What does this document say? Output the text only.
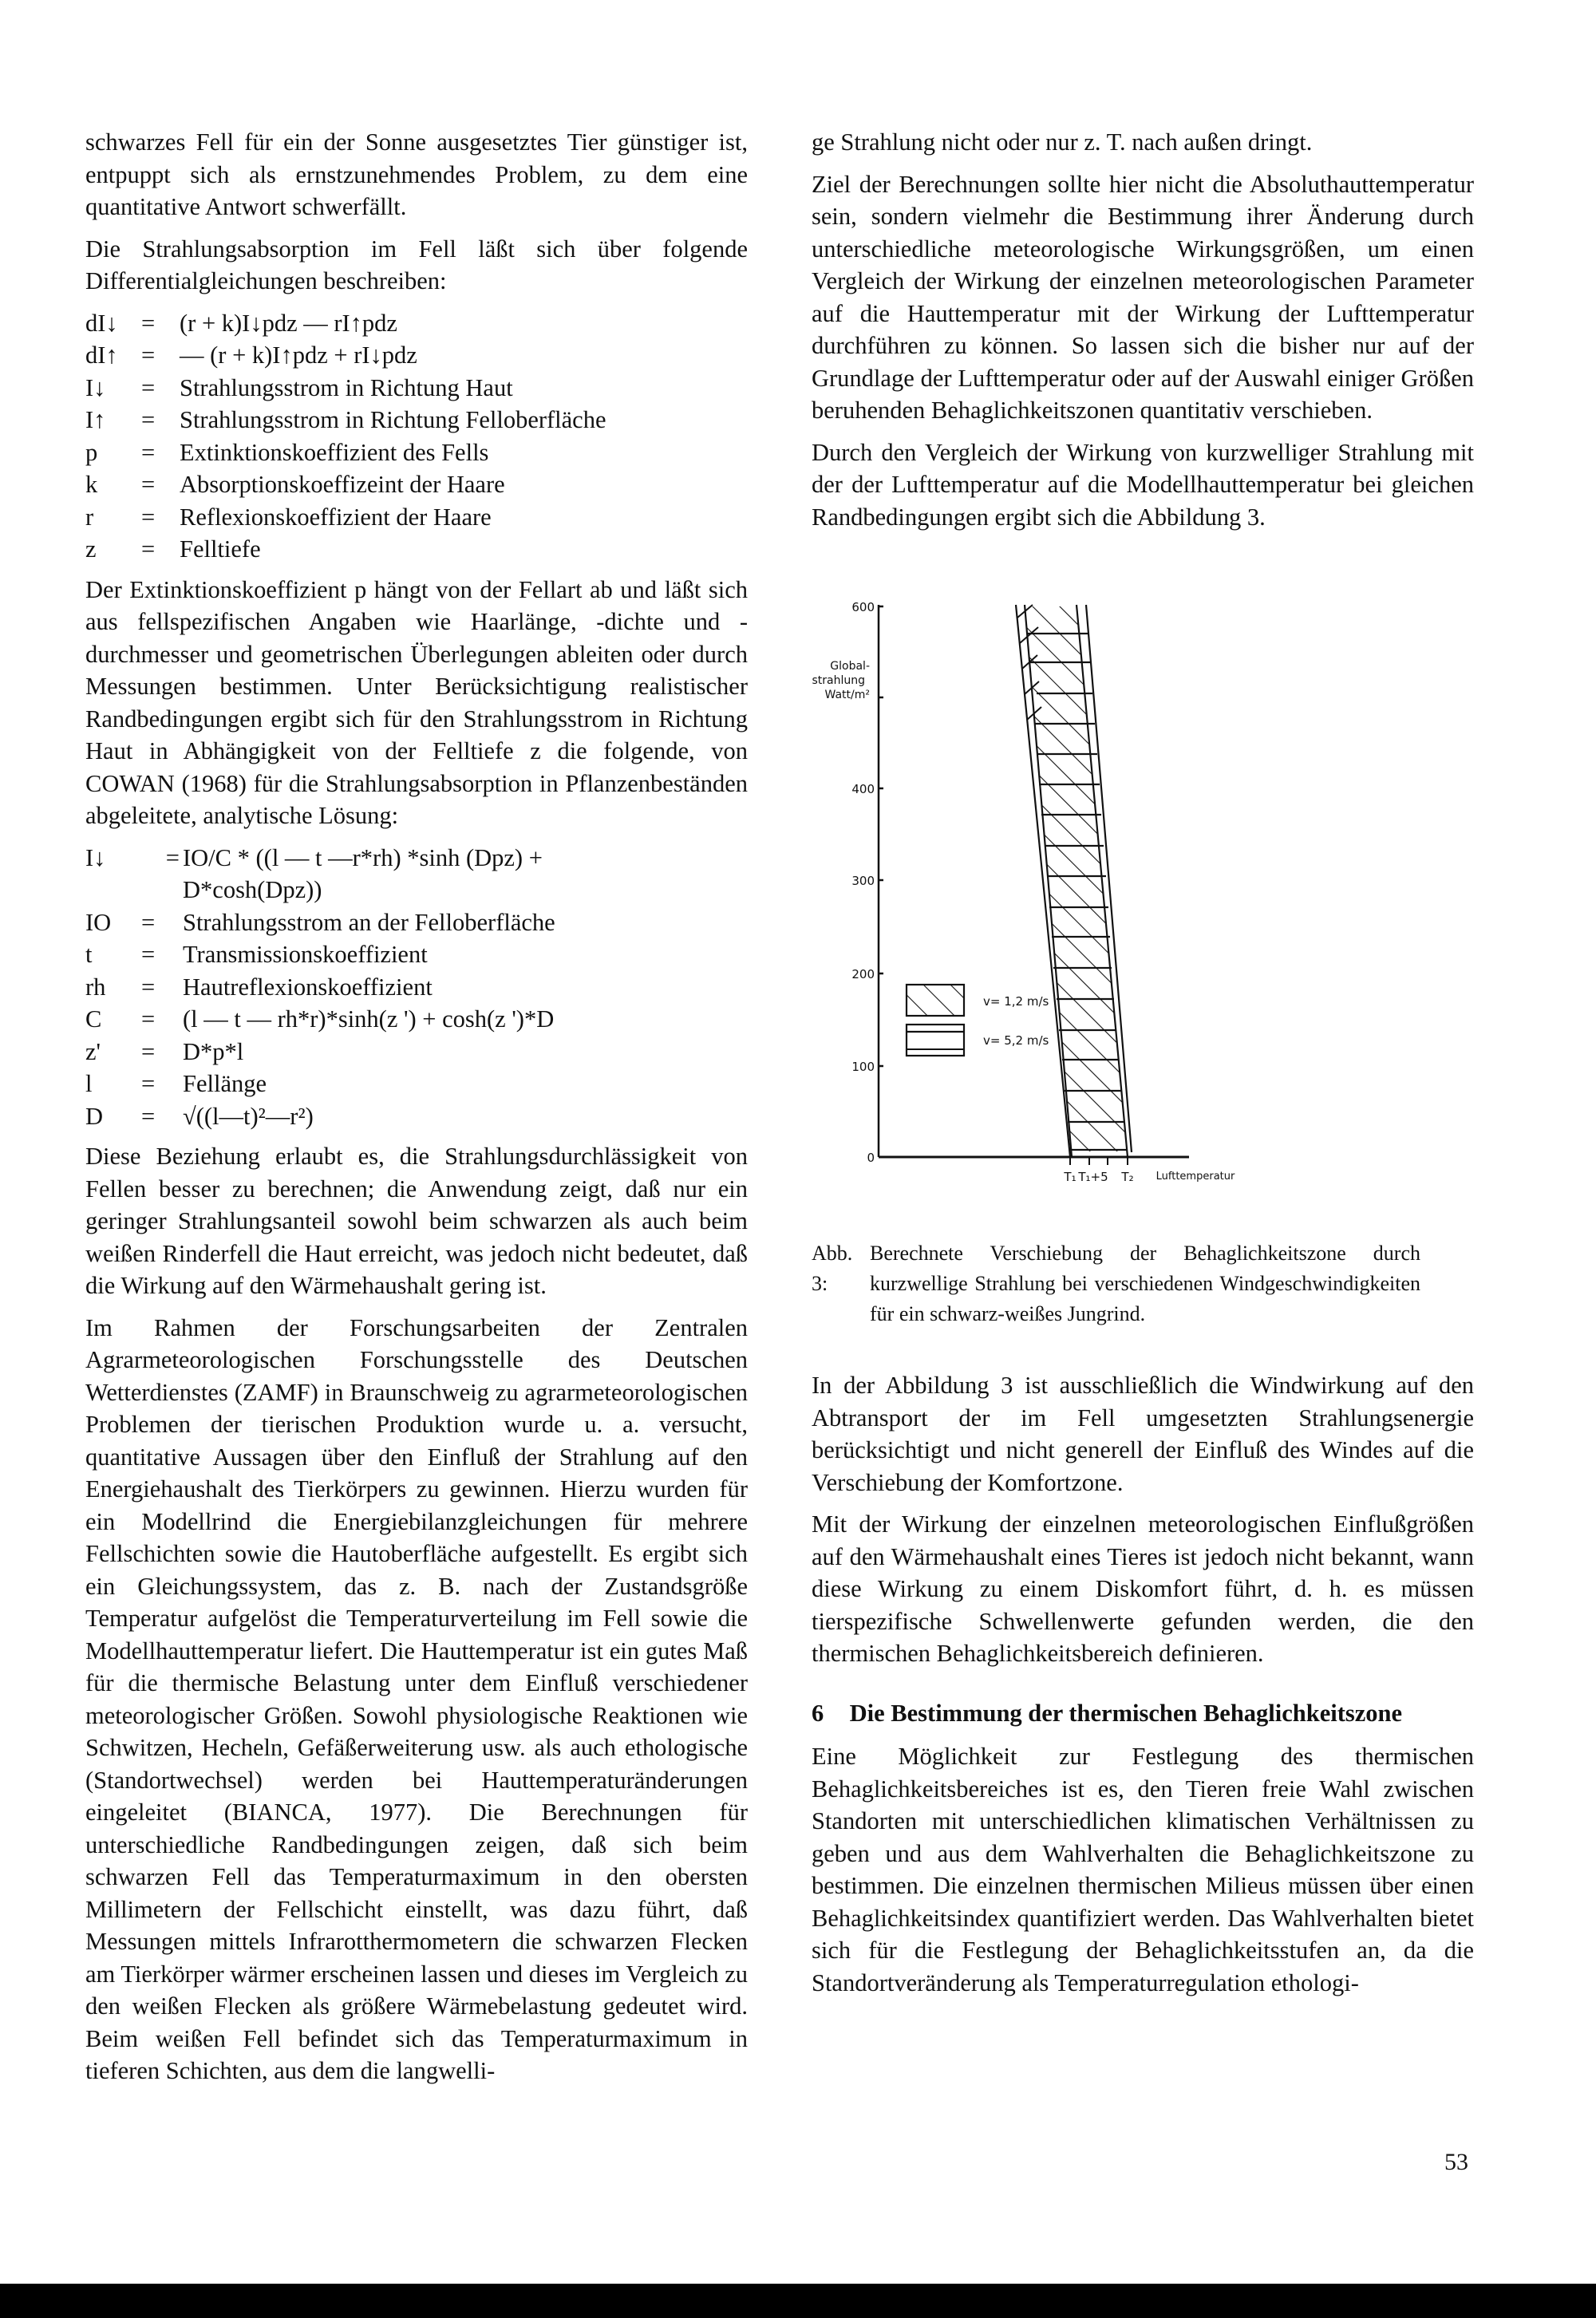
schwarzes Fell für ein der Sonne ausgesetztes Tier günstiger ist, entpuppt sich als ernstzunehmendes Problem, zu dem eine quantitative Antwort schwerfällt.

Die Strahlungsabsorption im Fell läßt sich über folgende Differentialgleichungen beschreiben:

dI↓	=	(r + k)I↓pdz — rI↑pdz
dI↑	=	— (r + k)I↑pdz + rI↓pdz
I↓	=	Strahlungsstrom in Richtung Haut
I↑	=	Strahlungsstrom in Richtung Felloberfläche
p	=	Extinktionskoeffizient des Fells
k	=	Absorptionskoeffizeint der Haare
r	=	Reflexionskoeffizient der Haare
z	=	Felltiefe

Der Extinktionskoeffizient p hängt von der Fellart ab und läßt sich aus fellspezifischen Angaben wie Haarlänge, -dichte und -durchmesser und geometrischen Überlegungen ableiten oder durch Messungen bestimmen. Unter Berücksichtigung realistischer Randbedingungen ergibt sich für den Strahlungsstrom in Richtung Haut in Abhängigkeit von der Felltiefe z die folgende, von COWAN (1968) für die Strahlungsabsorption in Pflanzenbeständen abgeleitete, analytische Lösung:

I↓	=	IO/C * ((l — t —r*rh) *sinh (Dpz) +
		D*cosh(Dpz))
IO	=	Strahlungsstrom an der Felloberfläche
t	=	Transmissionskoeffizient
rh	=	Hautreflexionskoeffizient
C	=	(l — t — rh*r)*sinh(z ') + cosh(z ')*D
z'	=	D*p*l
l	=	Fellänge
D	=	√((l—t)²—r²)

Diese Beziehung erlaubt es, die Strahlungsdurchlässigkeit von Fellen besser zu berechnen; die Anwendung zeigt, daß nur ein geringer Strahlungsanteil sowohl beim schwarzen als auch beim weißen Rinderfell die Haut erreicht, was jedoch nicht bedeutet, daß die Wirkung auf den Wärmehaushalt gering ist.

Im Rahmen der Forschungsarbeiten der Zentralen Agrarmeteorologischen Forschungsstelle des Deutschen Wetterdienstes (ZAMF) in Braunschweig zu agrarmeteorologischen Problemen der tierischen Produktion wurde u. a. versucht, quantitative Aussagen über den Einfluß der Strahlung auf den Energiehaushalt des Tierkörpers zu gewinnen. Hierzu wurden für ein Modellrind die Energiebilanzgleichungen für mehrere Fellschichten sowie die Hautoberfläche aufgestellt. Es ergibt sich ein Gleichungssystem, das z. B. nach der Zustandsgröße Temperatur aufgelöst die Temperaturverteilung im Fell sowie die Modellhauttemperatur liefert. Die Hauttemperatur ist ein gutes Maß für die thermische Belastung unter dem Einfluß verschiedener meteorologischer Größen. Sowohl physiologische Reaktionen wie Schwitzen, Hecheln, Gefäßerweiterung usw. als auch ethologische (Standortwechsel) werden bei Hauttemperaturänderungen eingeleitet (BIANCA, 1977). Die Berechnungen für unterschiedliche Randbedingungen zeigen, daß sich beim schwarzen Fell das Temperaturmaximum in den obersten Millimetern der Fellschicht einstellt, was dazu führt, daß Messungen mittels Infrarotthermometern die schwarzen Flecken am Tierkörper wärmer erscheinen lassen und dieses im Vergleich zu den weißen Flecken als größere Wärmebelastung gedeutet wird. Beim weißen Fell befindet sich das Temperaturmaximum in tieferen Schichten, aus dem die langwelli-

ge Strahlung nicht oder nur z. T. nach außen dringt.

Ziel der Berechnungen sollte hier nicht die Absoluthauttemperatur sein, sondern vielmehr die Bestimmung ihrer Änderung durch unterschiedliche meteorologische Wirkungsgrößen, um einen Vergleich der Wirkung der einzelnen meteorologischen Parameter auf die Hauttemperatur mit der Wirkung der Lufttemperatur durchführen zu können. So lassen sich die bisher nur auf der Grundlage der Lufttemperatur oder auf der Auswahl einiger Größen beruhenden Behaglichkeitszonen quantitativ verschieben.

Durch den Vergleich der Wirkung von kurzwelliger Strahlung mit der der Lufttemperatur auf die Modellhauttemperatur bei gleichen Randbedingungen ergibt sich die Abbildung 3.

600
400
300
200
100
0
Global-
strahlung
Watt/m²
T₁ T₁+5 T₂ Lufttemperatur
v= 1,2 m/s
v= 5,2 m/s
Abb. 3:
Berechnete Verschiebung der Behaglichkeitszone durch kurzwellige Strahlung bei verschiedenen Windgeschwindigkeiten für ein schwarz-weißes Jungrind.

In der Abbildung 3 ist ausschließlich die Windwirkung auf den Abtransport der im Fell umgesetzten Strahlungsenergie berücksichtigt und nicht generell der Einfluß des Windes auf die Verschiebung der Komfortzone.

Mit der Wirkung der einzelnen meteorologischen Einflußgrößen auf den Wärmehaushalt eines Tieres ist jedoch nicht bekannt, wann diese Wirkung zu einem Diskomfort führt, d. h. es müssen tierspezifische Schwellenwerte gefunden werden, die den thermischen Behaglichkeitsbereich definieren.

6 Die Bestimmung der thermischen Behaglichkeitszone

Eine Möglichkeit zur Festlegung des thermischen Behaglichkeitsbereiches ist es, den Tieren freie Wahl zwischen Standorten mit unterschiedlichen klimatischen Verhältnissen zu geben und aus dem Wahlverhalten die Behaglichkeitszone zu bestimmen. Die einzelnen thermischen Milieus müssen über einen Behaglichkeitsindex quantifiziert werden. Das Wahlverhalten bietet sich für die Festlegung der Behaglichkeitsstufen an, da die Standortveränderung als Temperaturregulation ethologi-

53
